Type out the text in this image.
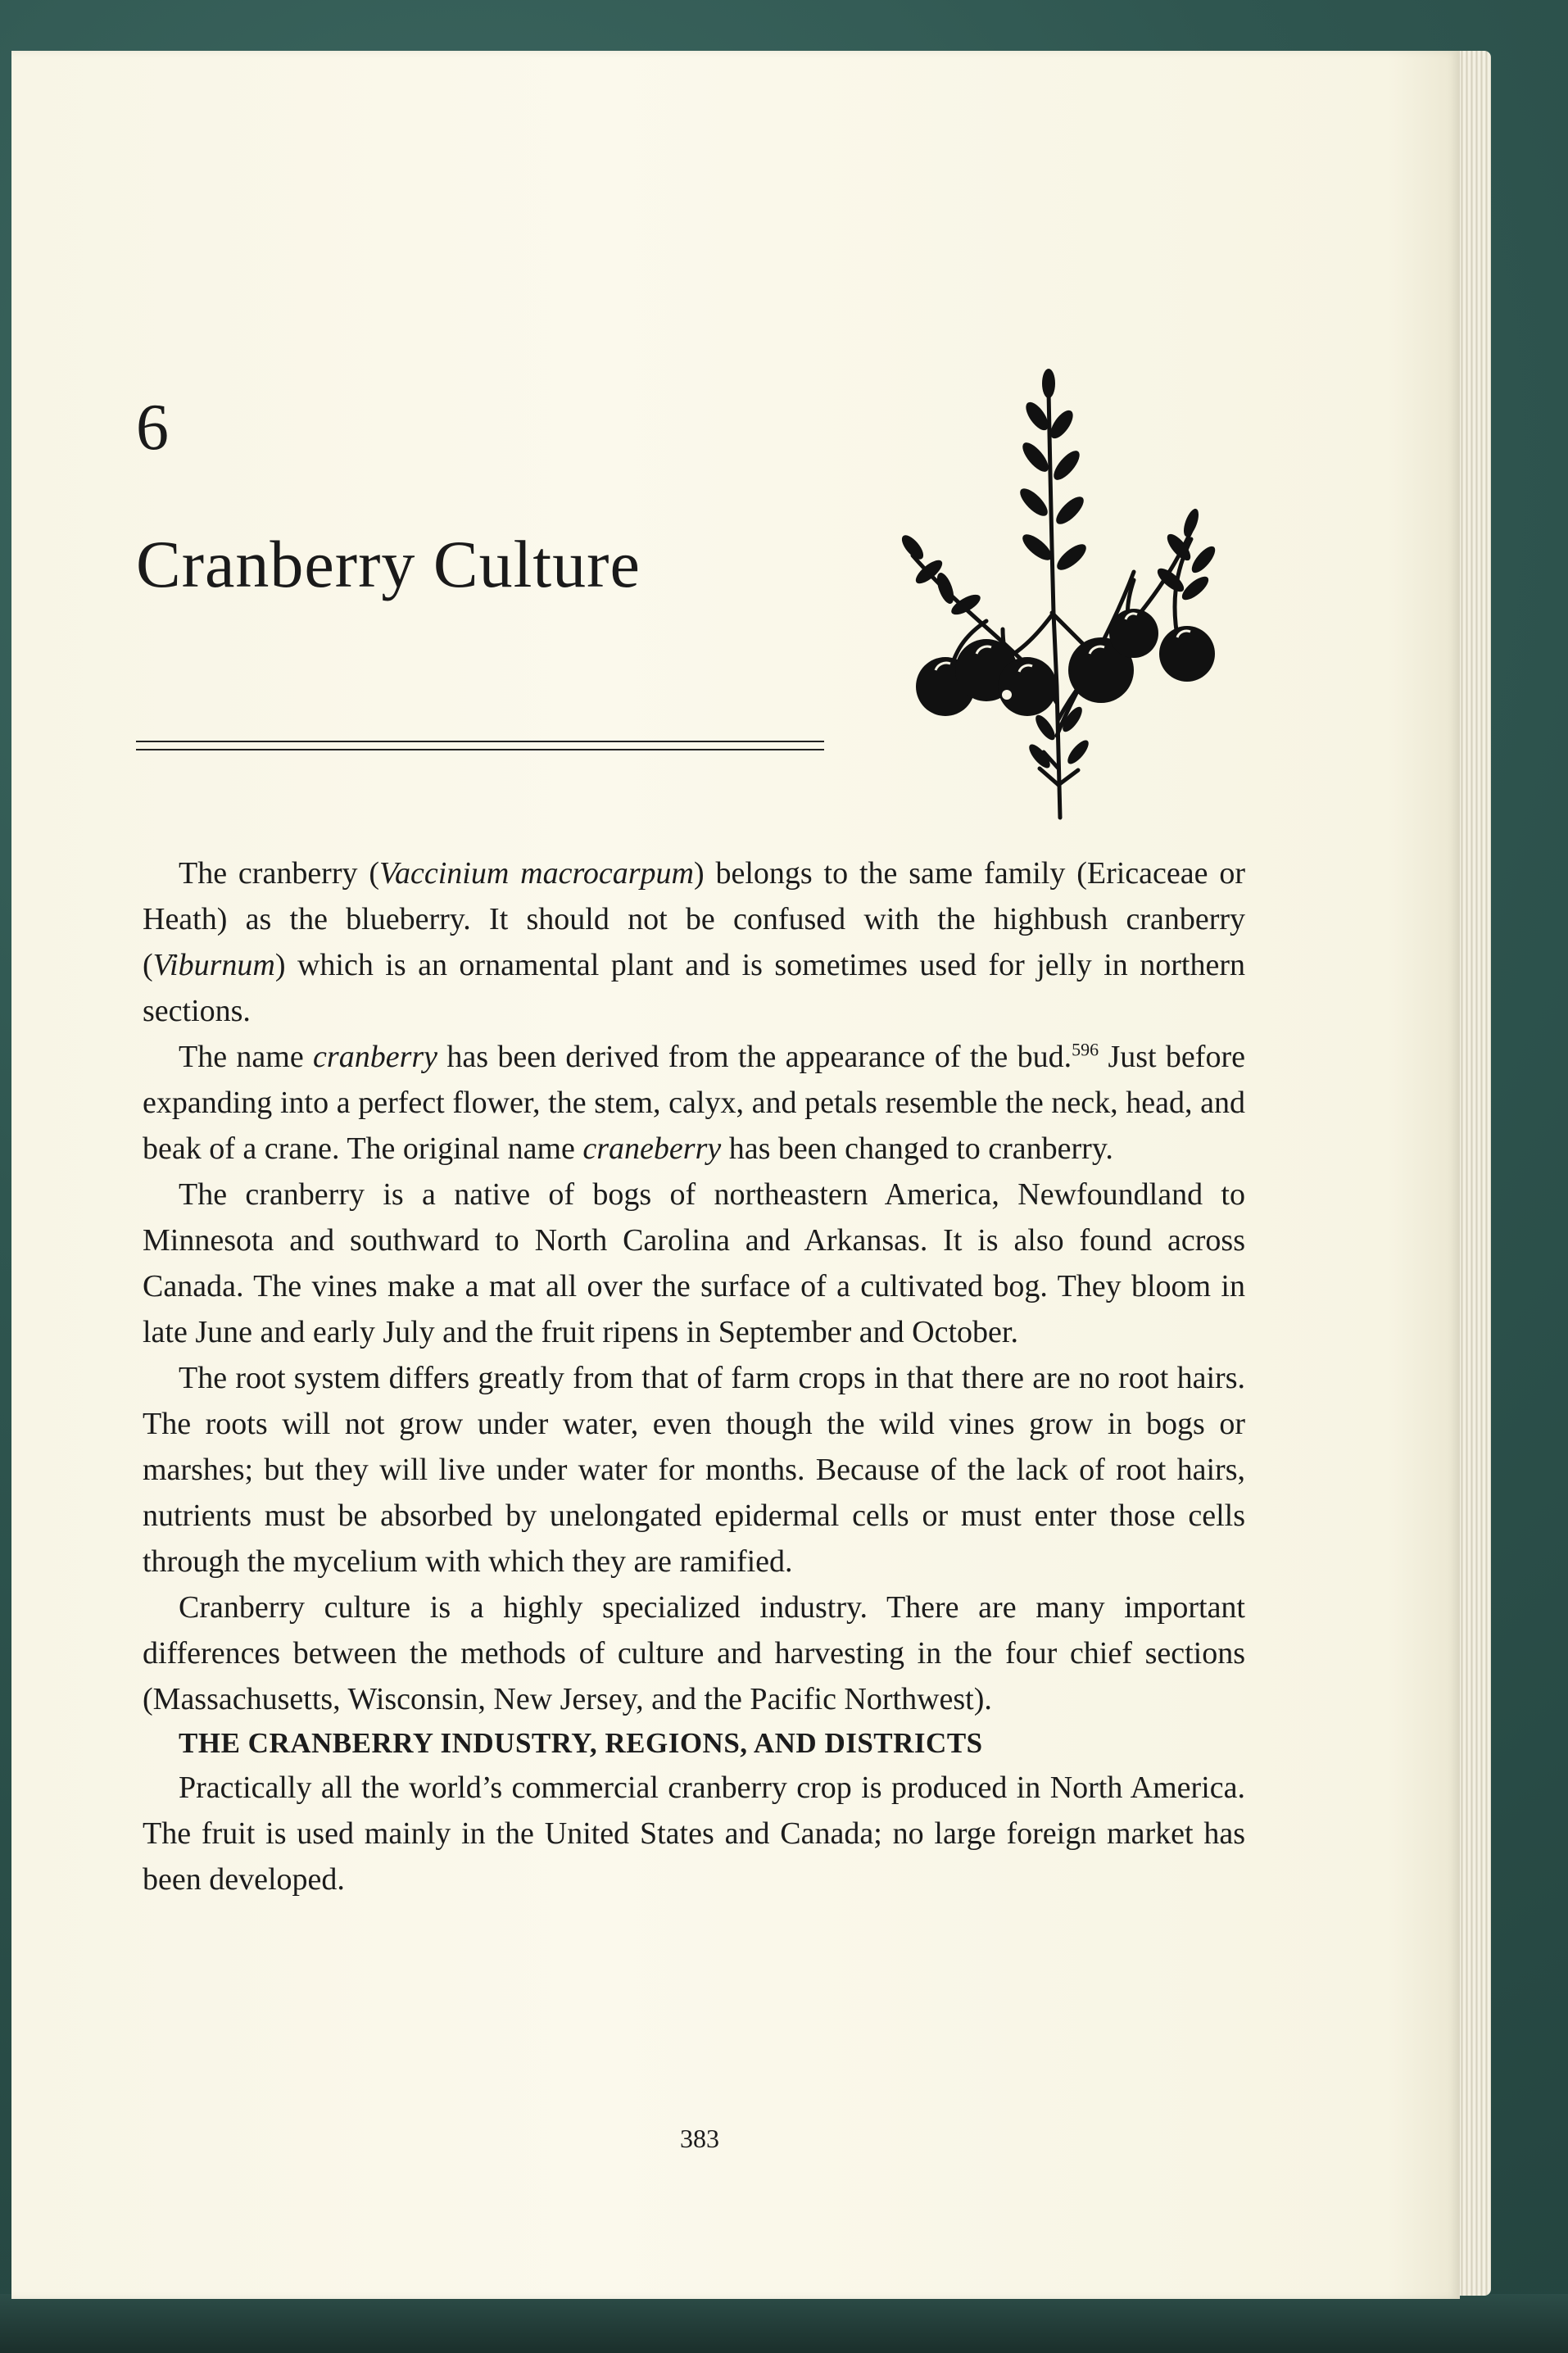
6
Cranberry Culture

The cranberry (Vaccinium macrocarpum) belongs to the same family (Ericaceae or Heath) as the blueberry. It should not be confused with the highbush cranberry (Viburnum) which is an ornamental plant and is sometimes used for jelly in northern sections.

The name cranberry has been derived from the appearance of the bud.$^{596}$ Just before expanding into a perfect flower, the stem, calyx, and petals resemble the neck, head, and beak of a crane. The original name craneberry has been changed to cranberry.

The cranberry is a native of bogs of northeastern America, Newfoundland to Minnesota and southward to North Carolina and Arkansas. It is also found across Canada. The vines make a mat all over the surface of a cultivated bog. They bloom in late June and early July and the fruit ripens in September and October.

The root system differs greatly from that of farm crops in that there are no root hairs. The roots will not grow under water, even though the wild vines grow in bogs or marshes; but they will live under water for months. Because of the lack of root hairs, nutrients must be absorbed by unelongated epidermal cells or must enter those cells through the mycelium with which they are ramified.

Cranberry culture is a highly specialized industry. There are many important differences between the methods of culture and harvesting in the four chief sections (Massachusetts, Wisconsin, New Jersey, and the Pacific Northwest).

THE CRANBERRY INDUSTRY, REGIONS, AND DISTRICTS

Practically all the world’s commercial cranberry crop is produced in North America. The fruit is used mainly in the United States and Canada; no large foreign market has been developed.

383
